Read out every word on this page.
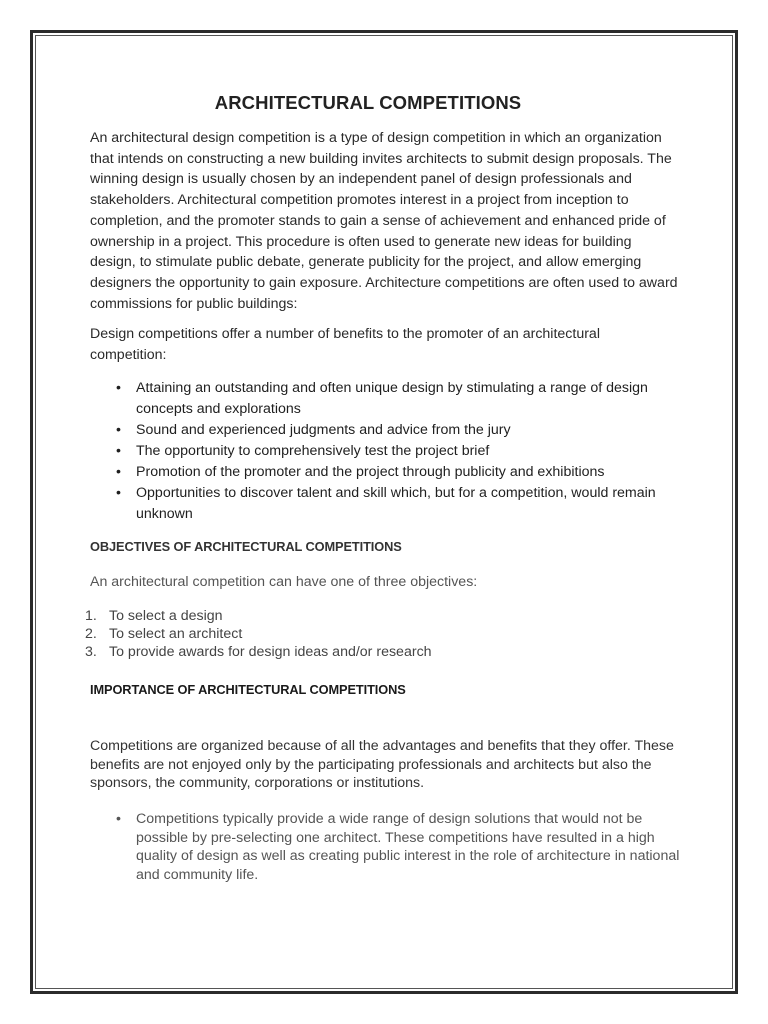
ARCHITECTURAL COMPETITIONS

An architectural design competition is a type of design competition in which an organization that intends on constructing a new building invites architects to submit design proposals. The winning design is usually chosen by an independent panel of design professionals and stakeholders. Architectural competition promotes interest in a project from inception to completion, and the promoter stands to gain a sense of achievement and enhanced pride of ownership in a project. This procedure is often used to generate new ideas for building design, to stimulate public debate, generate publicity for the project, and allow emerging designers the opportunity to gain exposure. Architecture competitions are often used to award commissions for public buildings:

Design competitions offer a number of benefits to the promoter of an architectural competition:

• Attaining an outstanding and often unique design by stimulating a range of design concepts and explorations
• Sound and experienced judgments and advice from the jury
• The opportunity to comprehensively test the project brief
• Promotion of the promoter and the project through publicity and exhibitions
• Opportunities to discover talent and skill which, but for a competition, would remain unknown
OBJECTIVES OF ARCHITECTURAL COMPETITIONS

An architectural competition can have one of three objectives:

1. To select a design
2. To select an architect
3. To provide awards for design ideas and/or research
IMPORTANCE OF ARCHITECTURAL COMPETITIONS

Competitions are organized because of all the advantages and benefits that they offer. These benefits are not enjoyed only by the participating professionals and architects but also the sponsors, the community, corporations or institutions.

• Competitions typically provide a wide range of design solutions that would not be possible by pre-selecting one architect. These competitions have resulted in a high quality of design as well as creating public interest in the role of architecture in national and community life.
